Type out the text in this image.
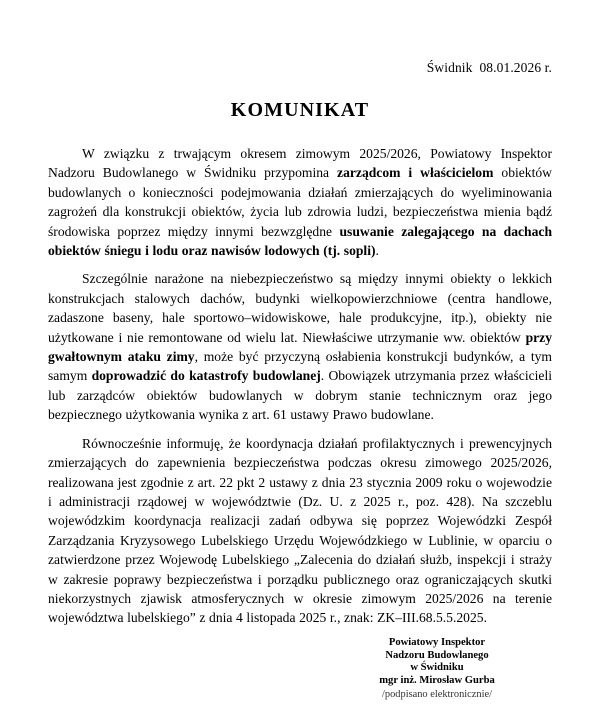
Świdnik  08.01.2026 r.
KOMUNIKAT

W związku z trwającym okresem zimowym 2025/2026, Powiatowy Inspektor Nadzoru Budowlanego w Świdniku przypomina zarządcom i właścicielom obiektów budowlanych o konieczności podejmowania działań zmierzających do wyeliminowania zagrożeń dla konstrukcji obiektów, życia lub zdrowia ludzi, bezpieczeństwa mienia bądź środowiska poprzez między innymi bezwzględne usuwanie zalegającego na dachach obiektów śniegu i lodu oraz nawisów lodowych (tj. sopli).

Szczególnie narażone na niebezpieczeństwo są między innymi obiekty o lekkich konstrukcjach stalowych dachów, budynki wielkopowierzchniowe (centra handlowe, zadaszone baseny, hale sportowo–widowiskowe, hale produkcyjne, itp.), obiekty nie użytkowane i nie remontowane od wielu lat. Niewłaściwe utrzymanie ww. obiektów przy gwałtownym ataku zimy, może być przyczyną osłabienia konstrukcji budynków, a tym samym doprowadzić do katastrofy budowlanej. Obowiązek utrzymania przez właścicieli lub zarządców obiektów budowlanych w dobrym stanie technicznym oraz jego bezpiecznego użytkowania wynika z art. 61 ustawy Prawo budowlane.

Równocześnie informuję, że koordynacja działań profilaktycznych i prewencyjnych zmierzających do zapewnienia bezpieczeństwa podczas okresu zimowego 2025/2026, realizowana jest zgodnie z art. 22 pkt 2 ustawy z dnia 23 stycznia 2009 roku o wojewodzie i administracji rządowej w województwie (Dz. U. z 2025 r., poz. 428). Na szczeblu wojewódzkim koordynacja realizacji zadań odbywa się poprzez Wojewódzki Zespół Zarządzania Kryzysowego Lubelskiego Urzędu Wojewódzkiego w Lublinie, w oparciu o zatwierdzone przez Wojewodę Lubelskiego „Zalecenia do działań służb, inspekcji i straży w zakresie poprawy bezpieczeństwa i porządku publicznego oraz ograniczających skutki niekorzystnych zjawisk atmosferycznych w okresie zimowym 2025/2026 na terenie województwa lubelskiego” z dnia 4 listopada 2025 r., znak: ZK–III.68.5.5.2025.

Powiatowy Inspektor
Nadzoru Budowlanego
w Świdniku
mgr inż. Mirosław Gurba
/podpisano elektronicznie/
